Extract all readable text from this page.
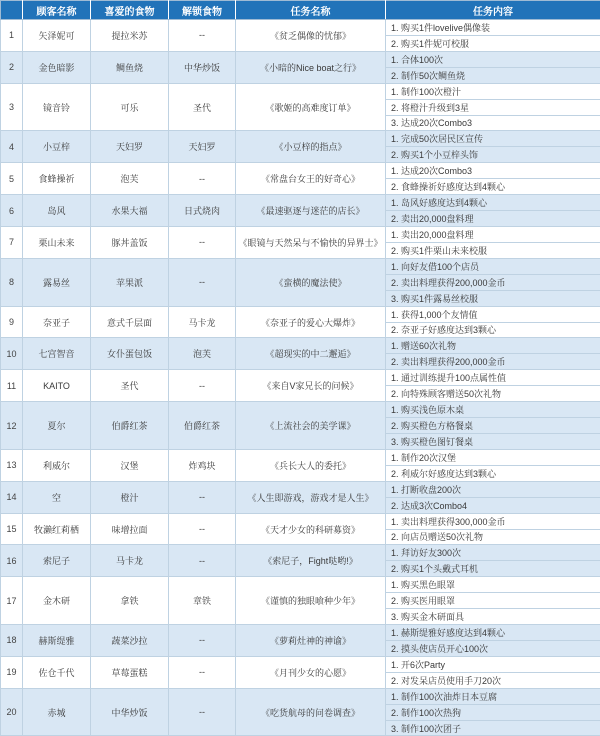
	顾客名称	喜爱的食物	解锁食物	任务名称	任务内容
1	矢泽妮可	提拉米苏	--	《贫乏偶像的忧郁》	1. 购买1件lovelive偶像装
					2. 购买1件妮可校服
2	金色暗影	鲷鱼烧	中华炒饭	《小暗的Nice boat之行》	1. 合体100次
					2. 制作50次鲷鱼烧
3	镜音铃	可乐	圣代	《歌姬的高难度订单》	1. 制作100次橙汁
					2. 将橙汁升级到3星
					3. 达成20次Combo3
4	小豆梓	天妇罗	天妇罗	《小豆梓的指点》	1. 完成50次居民区宣传
					2. 购买1个小豆梓头饰
5	食蜂操祈	泡芙	--	《常盘台女王的好奇心》	1. 达成20次Combo3
					2. 食蜂操祈好感度达到4颗心
6	岛风	水果大福	日式烧肉	《最速驱逐与迷茫的店长》	1. 岛风好感度达到4颗心
					2. 卖出20,000盘料理
7	栗山未来	豚丼盖饭	--	《眼镜与天然呆与不愉快的异界士》	1. 卖出20,000盘料理
					2. 购买1件栗山未来校服
8	露易丝	苹果派	--	《蛮横的魔法使》	1. 向好友借100个店员
					2. 卖出料理获得200,000金币
					3. 购买1件露易丝校服
9	奈亚子	意式千层面	马卡龙	《奈亚子的爱心大爆炸》	1. 获得1,000个友情值
					2. 奈亚子好感度达到3颗心
10	七宫智音	女仆蛋包饭	泡芙	《超现实的中二邂逅》	1. 赠送60次礼物
					2. 卖出料理获得200,000金币
11	KAITO	圣代	--	《来自V家兄长的问候》	1. 通过训练提升100点属性值
					2. 向特殊顾客赠送50次礼物
12	夏尔	伯爵红茶	伯爵红茶	《上流社会的美学课》	1. 购买浅色原木桌
					2. 购买橙色方格餐桌
					3. 购买橙色图钉餐桌
13	利威尔	汉堡	炸鸡块	《兵长大人的委托》	1. 制作20次汉堡
					2. 利威尔好感度达到3颗心
14	空	橙汁	--	《人生即游戏，游戏才是人生》	1. 打断收盘200次
					2. 达成3次Combo4
15	牧濑红莉栖	味增拉面	--	《天才少女的科研募资》	1. 卖出料理获得300,000金币
					2. 向店员赠送50次礼物
16	索尼子	马卡龙	--	《索尼子，Fight哒哟!》	1. 拜访好友300次
					2. 购买1个头戴式耳机
17	金木研	拿铁	章铁	《谨慎的独眼喰种少年》	1. 购买黑色眼罩
					2. 购买医用眼罩
					3. 购买金木研面具
18	赫斯缇雅	蔬菜沙拉	--	《萝莉灶神的神谕》	1. 赫斯缇雅好感度达到4颗心
					2. 摸头使店员开心100次
19	佐仓千代	草莓蛋糕	--	《月刊少女的心愿》	1. 开6次Party
					2. 对发呆店员使用手刀20次
20	赤城	中华炒饭	--	《吃货航母的问卷调查》	1. 制作100次油炸日本豆腐
					2. 制作100次热狗
					3. 制作100次团子
